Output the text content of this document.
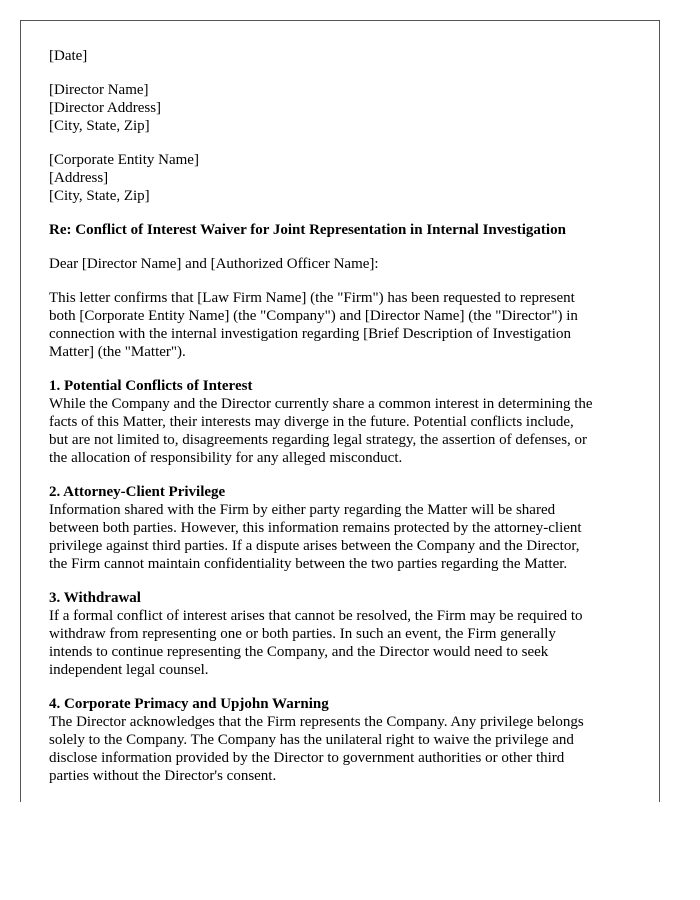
[Date]
[Director Name]
[Director Address]
[City, State, Zip]
[Corporate Entity Name]
[Address]
[City, State, Zip]
Re: Conflict of Interest Waiver for Joint Representation in Internal Investigation
Dear [Director Name] and [Authorized Officer Name]:
This letter confirms that [Law Firm Name] (the "Firm") has been requested to represent
both [Corporate Entity Name] (the "Company") and [Director Name] (the "Director") in
connection with the internal investigation regarding [Brief Description of Investigation
Matter] (the "Matter").
1. Potential Conflicts of Interest
While the Company and the Director currently share a common interest in determining the
facts of this Matter, their interests may diverge in the future. Potential conflicts include,
but are not limited to, disagreements regarding legal strategy, the assertion of defenses, or
the allocation of responsibility for any alleged misconduct.
2. Attorney-Client Privilege
Information shared with the Firm by either party regarding the Matter will be shared
between both parties. However, this information remains protected by the attorney-client
privilege against third parties. If a dispute arises between the Company and the Director,
the Firm cannot maintain confidentiality between the two parties regarding the Matter.
3. Withdrawal
If a formal conflict of interest arises that cannot be resolved, the Firm may be required to
withdraw from representing one or both parties. In such an event, the Firm generally
intends to continue representing the Company, and the Director would need to seek
independent legal counsel.
4. Corporate Primacy and Upjohn Warning
The Director acknowledges that the Firm represents the Company. Any privilege belongs
solely to the Company. The Company has the unilateral right to waive the privilege and
disclose information provided by the Director to government authorities or other third
parties without the Director's consent.
